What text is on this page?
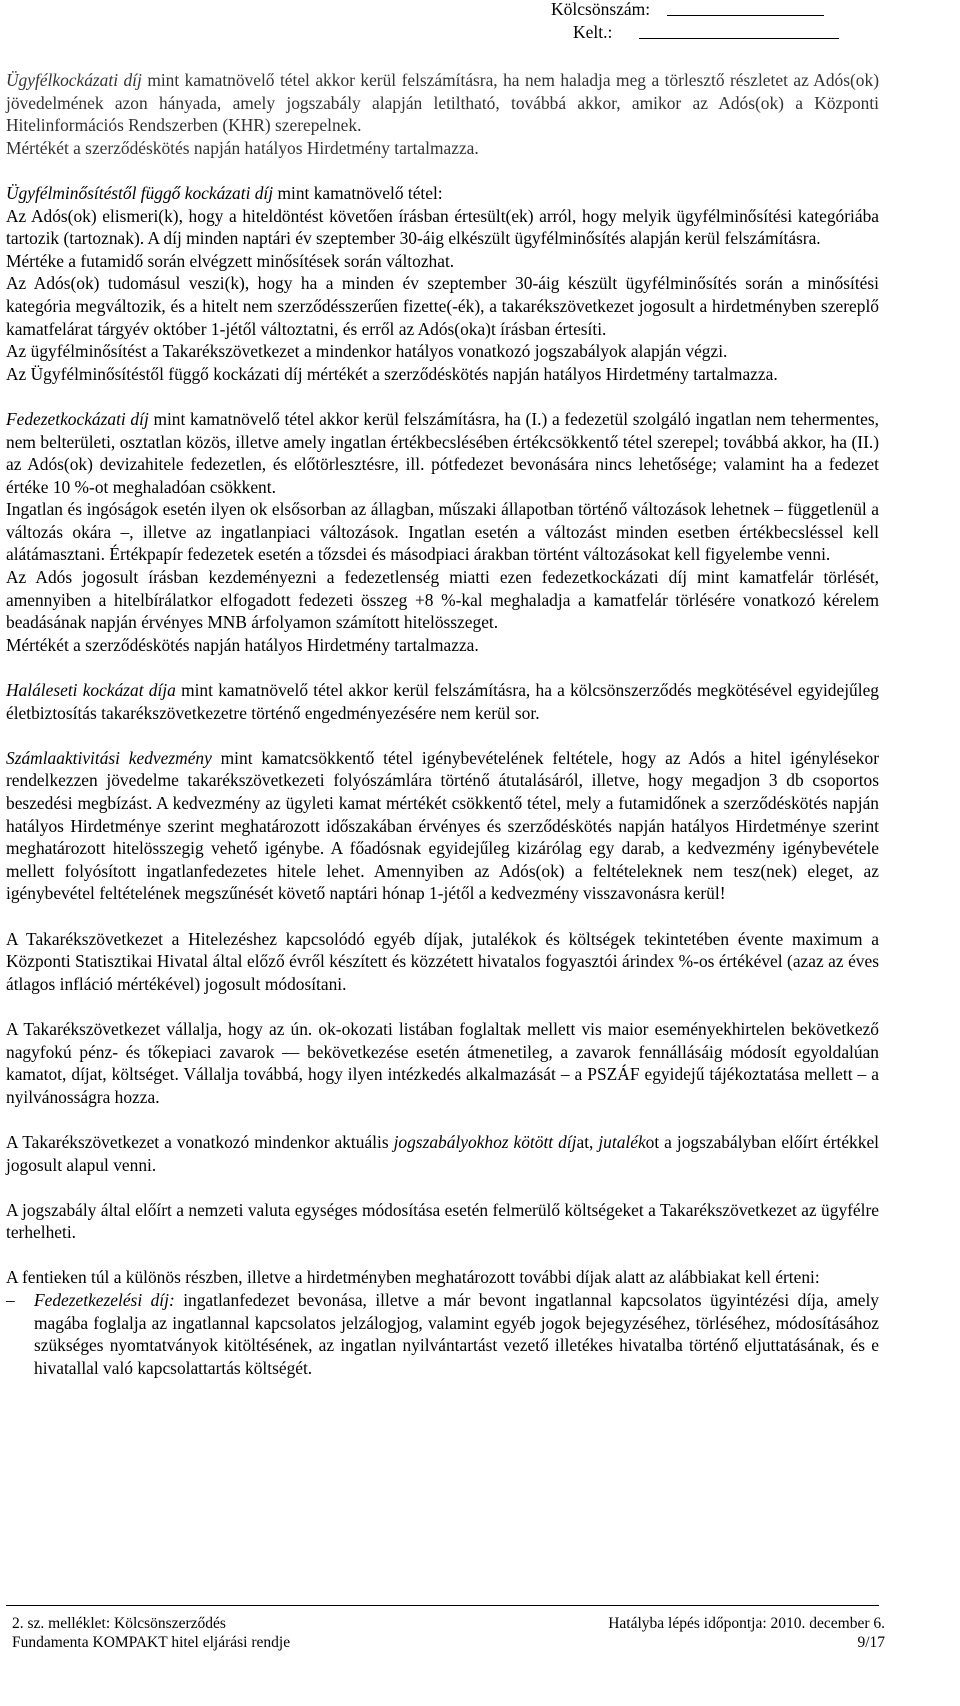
Kölcsönszám:
Kelt.:

Ügyfélkockázati díj mint kamatnövelő tétel akkor kerül felszámításra, ha nem haladja meg a törlesztő részletet az Adós(ok) jövedelmének azon hányada, amely jogszabály alapján letiltható, továbbá akkor, amikor az Adós(ok) a Központi Hitelinformációs Rendszerben (KHR) szerepelnek.

Mértékét a szerződéskötés napján hatályos Hirdetmény tartalmazza.

Ügyfélminősítéstől függő kockázati díj mint kamatnövelő tétel:

Az Adós(ok) elismeri(k), hogy a hiteldöntést követően írásban értesült(ek) arról, hogy melyik ügyfélminősítési kategóriába tartozik (tartoznak). A díj minden naptári év szeptember 30-áig elkészült ügyfélminősítés alapján kerül felszámításra.

Mértéke a futamidő során elvégzett minősítések során változhat.

Az Adós(ok) tudomásul veszi(k), hogy ha a minden év szeptember 30-áig készült ügyfélminősítés során a minősítési kategória megváltozik, és a hitelt nem szerződésszerűen fizette(-ék), a takarékszövetkezet jogosult a hirdetményben szereplő kamatfelárat tárgyév október 1-jétől változtatni, és erről az Adós(oka)t írásban értesíti.

Az ügyfélminősítést a Takarékszövetkezet a mindenkor hatályos vonatkozó jogszabályok alapján végzi.

Az Ügyfélminősítéstől függő kockázati díj mértékét a szerződéskötés napján hatályos Hirdetmény tartalmazza.

Fedezetkockázati díj mint kamatnövelő tétel akkor kerül felszámításra, ha (I.) a fedezetül szolgáló ingatlan nem tehermentes, nem belterületi, osztatlan közös, illetve amely ingatlan értékbecslésében értékcsökkentő tétel szerepel; továbbá akkor, ha (II.) az Adós(ok) devizahitele fedezetlen, és előtörlesztésre, ill. pótfedezet bevonására nincs lehetősége; valamint ha a fedezet értéke 10 %-ot meghaladóan csökkent.

Ingatlan és ingóságok esetén ilyen ok elsősorban az állagban, műszaki állapotban történő változások lehetnek – függetlenül a változás okára –, illetve az ingatlanpiaci változások. Ingatlan esetén a változást minden esetben értékbecsléssel kell alátámasztani. Értékpapír fedezetek esetén a tőzsdei és másodpiaci árakban történt változásokat kell figyelembe venni.

Az Adós jogosult írásban kezdeményezni a fedezetlenség miatti ezen fedezetkockázati díj mint kamatfelár törlését, amennyiben a hitelbírálatkor elfogadott fedezeti összeg +8 %-kal meghaladja a kamatfelár törlésére vonatkozó kérelem beadásának napján érvényes MNB árfolyamon számított hitelösszeget.

Mértékét a szerződéskötés napján hatályos Hirdetmény tartalmazza.

Haláleseti kockázat díja mint kamatnövelő tétel akkor kerül felszámításra, ha a kölcsönszerződés megkötésével egyidejűleg életbiztosítás takarékszövetkezetre történő engedményezésére nem kerül sor.

Számlaaktivitási kedvezmény mint kamatcsökkentő tétel igénybevételének feltétele, hogy az Adós a hitel igénylésekor rendelkezzen jövedelme takarékszövetkezeti folyószámlára történő átutalásáról, illetve, hogy megadjon 3 db csoportos beszedési megbízást. A kedvezmény az ügyleti kamat mértékét csökkentő tétel, mely a futamidőnek a szerződéskötés napján hatályos Hirdetménye szerint meghatározott időszakában érvényes és szerződéskötés napján hatályos Hirdetménye szerint meghatározott hitelösszegig vehető igénybe. A főadósnak egyidejűleg kizárólag egy darab, a kedvezmény igénybevétele mellett folyósított ingatlanfedezetes hitele lehet. Amennyiben az Adós(ok) a feltételeknek nem tesz(nek) eleget, az igénybevétel feltételének megszűnését követő naptári hónap 1-jétől a kedvezmény visszavonásra kerül!

A Takarékszövetkezet a Hitelezéshez kapcsolódó egyéb díjak, jutalékok és költségek tekintetében évente maximum a Központi Statisztikai Hivatal által előző évről készített és közzétett hivatalos fogyasztói árindex %-os értékével (azaz az éves átlagos infláció mértékével) jogosult módosítani.

A Takarékszövetkezet vállalja, hogy az ún. ok-okozati listában foglaltak mellett vis maior eseményekhirtelen bekövetkező nagyfokú pénz- és tőkepiaci zavarok — bekövetkezése esetén átmenetileg, a zavarok fennállásáig módosít egyoldalúan kamatot, díjat, költséget. Vállalja továbbá, hogy ilyen intézkedés alkalmazását – a PSZÁF egyidejű tájékoztatása mellett – a nyilvánosságra hozza.

A Takarékszövetkezet a vonatkozó mindenkor aktuális jogszabályokhoz kötött díjat, jutalékot a jogszabályban előírt értékkel jogosult alapul venni.

A jogszabály által előírt a nemzeti valuta egységes módosítása esetén felmerülő költségeket a Takarékszövetkezet az ügyfélre terhelheti.

A fentieken túl a különös részben, illetve a hirdetményben meghatározott további díjak alatt az alábbiakat kell érteni:

–	Fedezetkezelési díj: ingatlanfedezet bevonása, illetve a már bevont ingatlannal kapcsolatos ügyintézési díja, amely magába foglalja az ingatlannal kapcsolatos jelzálogjog, valamint egyéb jogok bejegyzéséhez, törléséhez, módosításához szükséges nyomtatványok kitöltésének, az ingatlan nyilvántartást vezető illetékes hivatalba történő eljuttatásának, és e hivatallal való kapcsolattartás költségét.

2. sz. melléklet: Kölcsönszerződés	Hatályba lépés időpontja: 2010. december 6.
Fundamenta KOMPAKT hitel eljárási rendje	9/17
